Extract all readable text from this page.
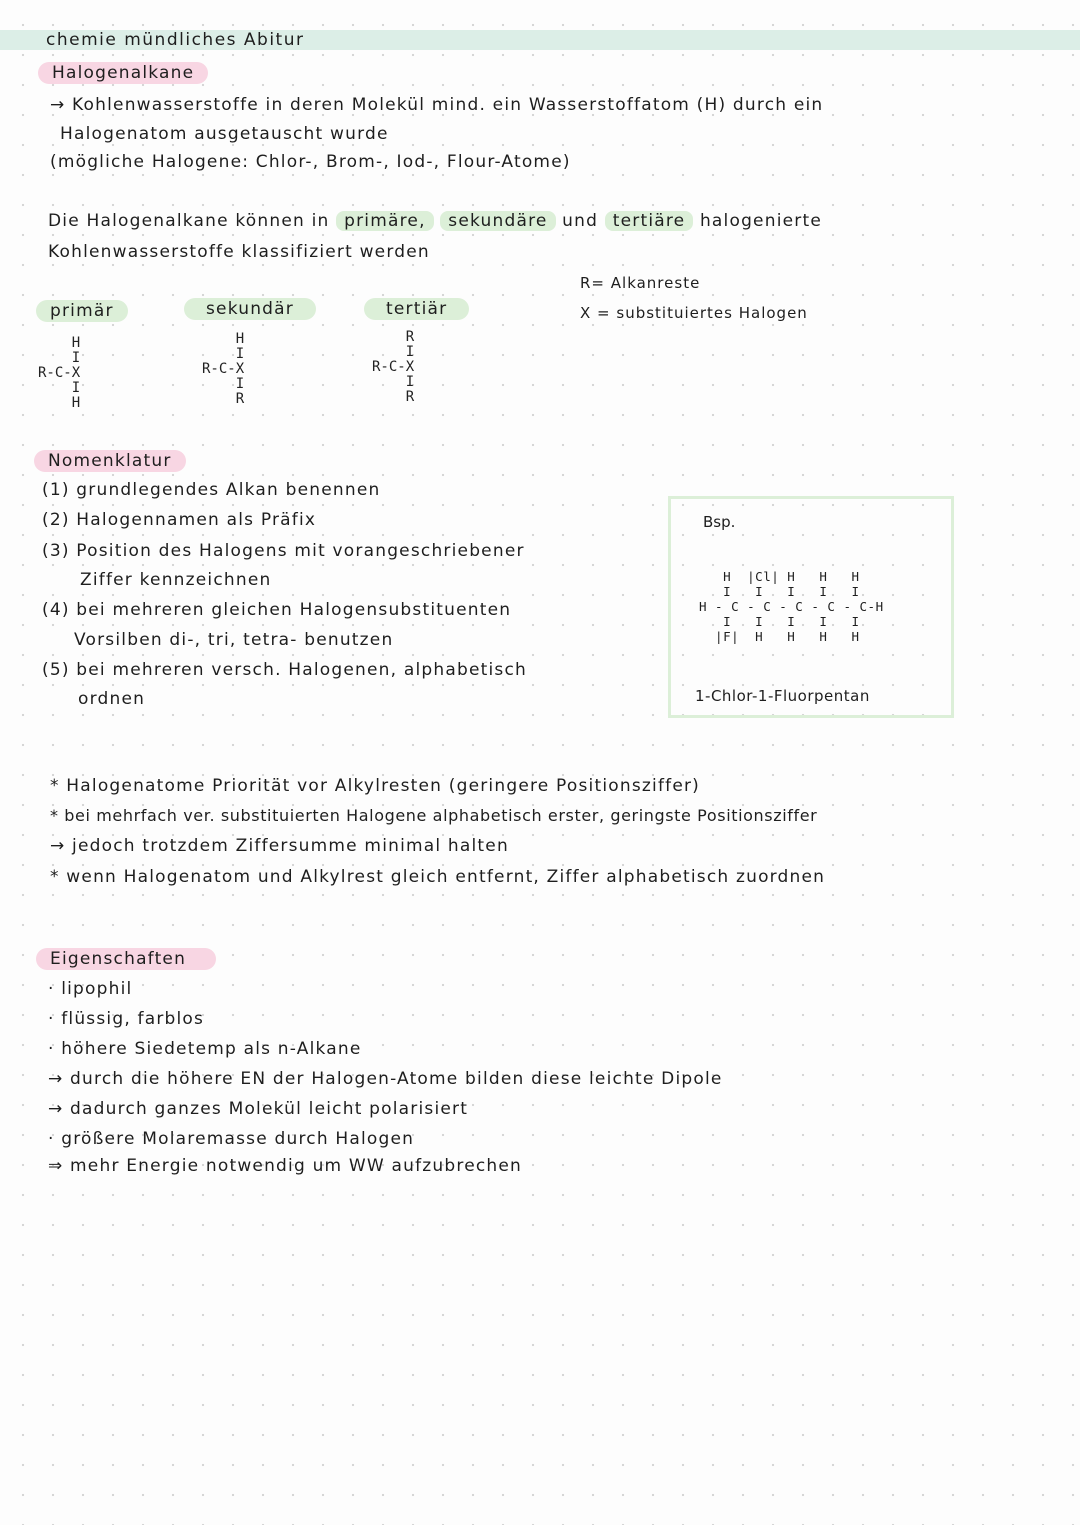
chemie mündliches Abitur
Halogenalkane
→ Kohlenwasserstoffe in deren Molekül mind. ein Wasserstoffatom (H) durch ein
Halogenatom ausgetauscht wurde
(mögliche Halogene: Chlor-, Brom-, Iod-, Flour-Atome)
Die Halogenalkane können in primäre, sekundäre und tertiäre halogenierte
Kohlenwasserstoffe klassifiziert werden
R= Alkanreste
X = substituiertes Halogen
primär	sekundär	tertiär
H
I
R-C-X
I
H
H
I
R-C-X
I
R
R
I
R-C-X
I
R
Nomenklatur
(1) grundlegendes Alkan benennen
(2) Halogennamen als Präfix
(3) Position des Halogens mit vorangeschriebener
Ziffer kennzeichnen
(4) bei mehreren gleichen Halogensubstituenten
Vorsilben di-, tri, tetra- benutzen
(5) bei mehreren versch. Halogenen, alphabetisch
ordnen
Bsp.
H  |Cl| H   H   H
I   I   I   I   I
H - C - C - C - C - C-H
I   I   I   I   I
|F|  H   H   H   H
1-Chlor-1-Fluorpentan
* Halogenatome Priorität vor Alkylresten (geringere Positionsziffer)
* bei mehrfach ver. substituierten Halogene alphabetisch erster, geringste Positionsziffer
→ jedoch trotzdem Ziffersumme minimal halten
* wenn Halogenatom und Alkylrest gleich entfernt, Ziffer alphabetisch zuordnen
Eigenschaften
· lipophil
· flüssig, farblos
· höhere Siedetemp als n-Alkane
→ durch die höhere EN der Halogen-Atome bilden diese leichte Dipole
→ dadurch ganzes Molekül leicht polarisiert
· größere Molaremasse durch Halogen
⇒ mehr Energie notwendig um WW aufzubrechen
